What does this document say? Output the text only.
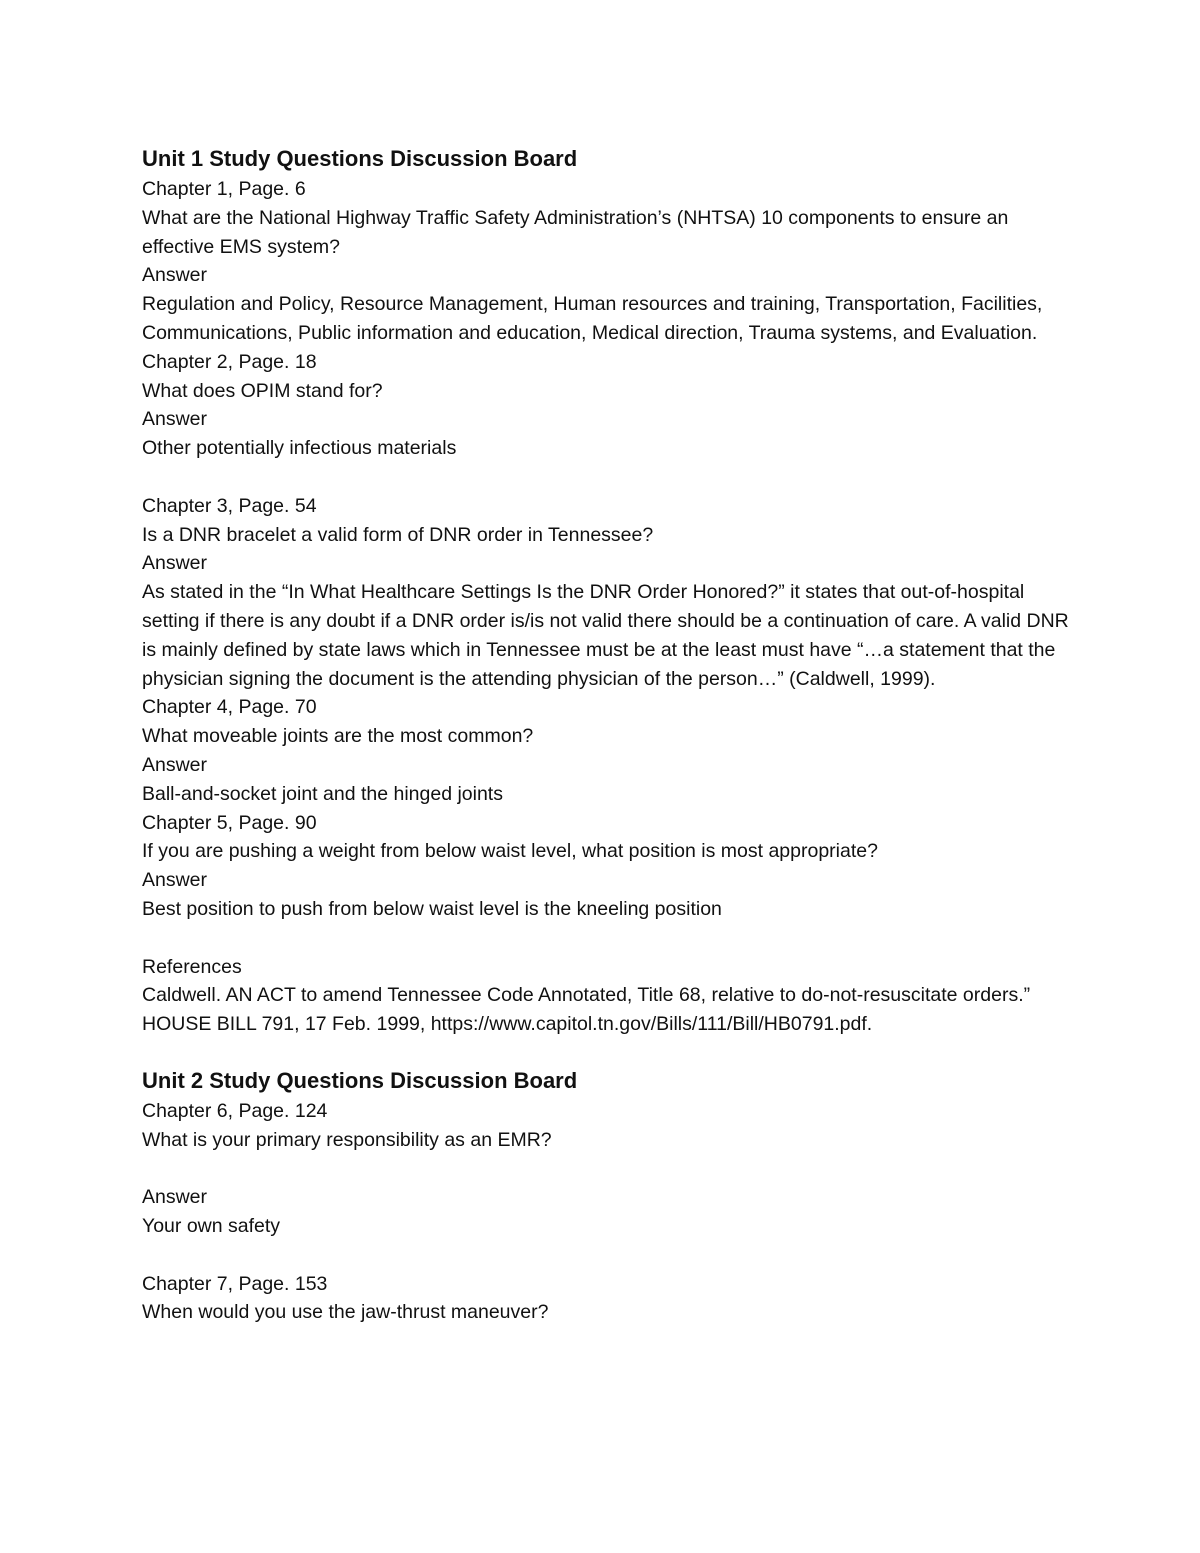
Unit 1 Study Questions Discussion Board
Chapter 1, Page. 6
What are the National Highway Traffic Safety Administration’s (NHTSA) 10 components to ensure an effective EMS system?
Answer
Regulation and Policy, Resource Management, Human resources and training, Transportation, Facilities, Communications, Public information and education, Medical direction, Trauma systems, and Evaluation.
Chapter 2, Page. 18
What does OPIM stand for?
Answer
Other potentially infectious materials
Chapter 3, Page. 54
Is a DNR bracelet a valid form of DNR order in Tennessee?
Answer
As stated in the “In What Healthcare Settings Is the DNR Order Honored?” it states that out-of-hospital setting if there is any doubt if a DNR order is/is not valid there should be a continuation of care. A valid DNR is mainly defined by state laws which in Tennessee must be at the least must have “…a statement that the physician signing the document is the attending physician of the person…” (Caldwell, 1999).
Chapter 4, Page. 70
What moveable joints are the most common?
Answer
Ball-and-socket joint and the hinged joints
Chapter 5, Page. 90
If you are pushing a weight from below waist level, what position is most appropriate?
Answer
Best position to push from below waist level is the kneeling position
References
Caldwell. AN ACT to amend Tennessee Code Annotated, Title 68, relative to do-not-resuscitate orders.” HOUSE BILL 791, 17 Feb. 1999, https://www.capitol.tn.gov/Bills/111/Bill/HB0791.pdf.
Unit 2 Study Questions Discussion Board
Chapter 6, Page. 124
What is your primary responsibility as an EMR?
Answer
Your own safety
Chapter 7, Page. 153
When would you use the jaw-thrust maneuver?
